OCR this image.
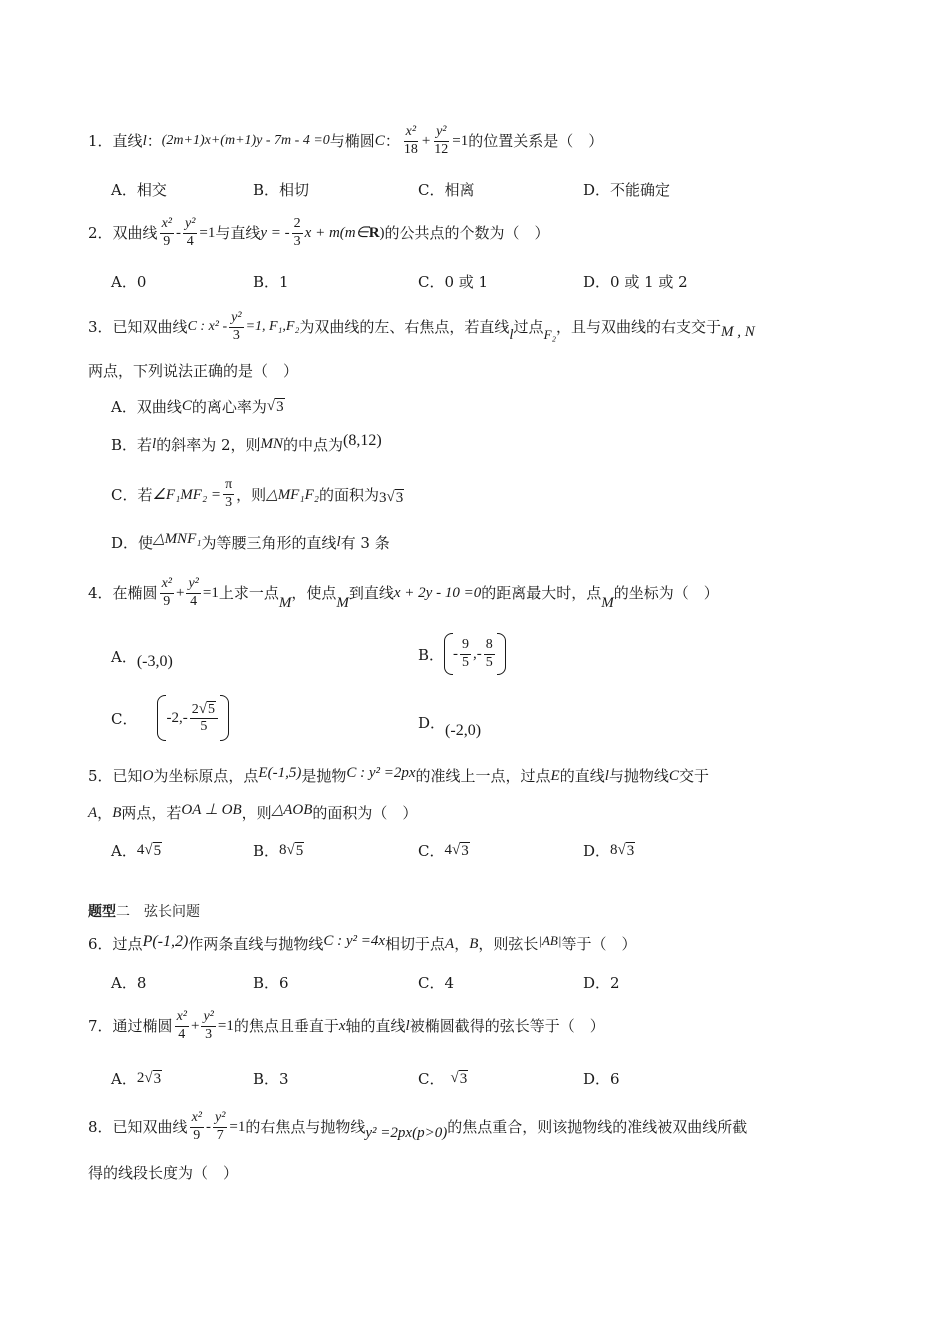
1． 直线 l ： (2m+1)x+(m+1)y - 7m - 4 =0 与椭圆 C ： $\frac{\text{x²}}{18} + \frac{\text{y²}}{12} =1$ 的位置关系是（　）
A．相交	B．相切	C．相离	D．不能确定
2． 双曲线 $\frac{\text{x²}}{9} - \frac{\text{y²}}{4} =1$ 与直线 y = - $\frac{2}{3}$ x + m(m∈ R ) 的公共点的个数为（　）
A．0	B．1	C．0 或 1	D．0 或 1 或 2
3． 已知双曲线 C : $x^2 - \frac{\text{y²}}{3} =1$, F₁,F₂ 为双曲线的左、右焦点，若直线 l 过点 F₂ ，且与双曲线的右支交于 M , N
两点，下列说法正确的是（　）
A．双曲线 C 的离心率为 √ 3
B．若 l 的斜率为 2，则 MN 的中点为 (8,12)
C．若 ∠F₁MF₂ = $\frac{\pi}{3}$ ，则 △MF₁F₂ 的面积为 3 √ 3
D．使 △MNF₁ 为等腰三角形的直线 l 有 3 条
4． 在椭圆 $\frac{\text{x²}}{9} + \frac{\text{y²}}{4} =1$ 上求一点
M
，使点
M
到直线 x + 2y - 10 =0 的距离最大时，点
M
的坐标为（　）
A． (-3,0)	B． - $\frac{9}{5}$ ,- $\frac{8}{5}$
C． $-2,- \frac{2 √ 5}{5}$	D． (-2,0)
5． 已知 O 为坐标原点，点 E(-1,5) 是抛物 C : y² =2px 的准线上一点，过点 E 的直线 l 与抛物线 C 交于
A ， B 两点，若 OA ⊥ OB ，则 △AOB 的面积为（　）
A． 4 √ 5	B． 8 √ 5	C． 4 √ 3	D． 8 √ 3
题型 二　弦长问题
6． 过点 P(-1,2) 作两条直线与抛物线 C : y² =4x 相切于点 A ， B ，则弦长 |AB| 等于（　）
A．8	B．6	C．4	D．2
7． 通过椭圆 $\frac{\text{x²}}{4} + \frac{\text{y²}}{3} =1$ 的焦点且垂直于 x 轴的直线 l 被椭圆截得的弦长等于（　）
A． 2 √ 3	B．3	C． √ 3	D．6
8． 已知双曲线 $\frac{\text{x²}}{9} - \frac{\text{y²}}{7} =1$ 的右焦点与抛物线 y² =2px(p>0) 的焦点重合，则该抛物线的准线被双曲线所截
得的线段长度为（　）
